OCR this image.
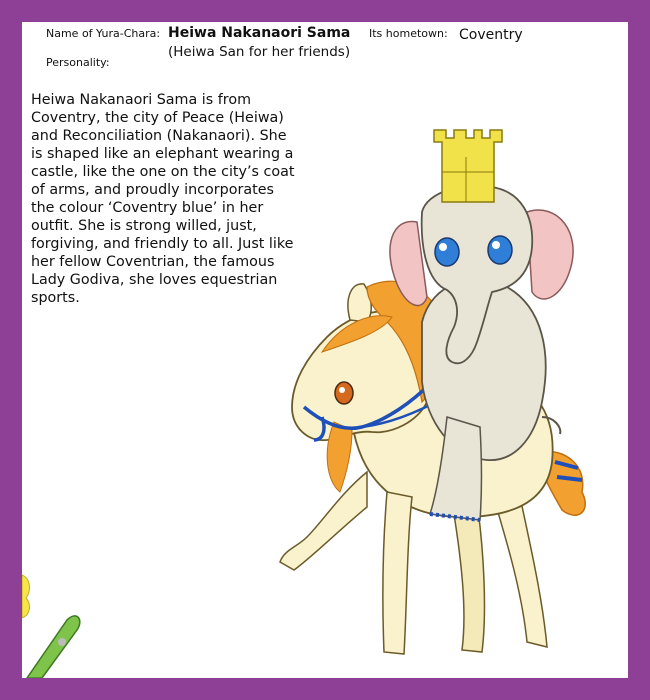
Name of Yura-Chara: Heiwa Nakanaori Sama
(Heiwa San for her friends)
Its hometown: Coventry
Personality:

Heiwa Nakanaori Sama is from Coventry, the city of Peace (Heiwa) and Reconciliation (Nakanaori). She is shaped like an elephant wearing a castle, like the one on the city’s coat of arms, and proudly incorporates the colour ‘Coventry blue’ in her outfit. She is strong willed, just, forgiving, and friendly to all. Just like her fellow Coventrian, the famous Lady Godiva, she loves equestrian sports.
